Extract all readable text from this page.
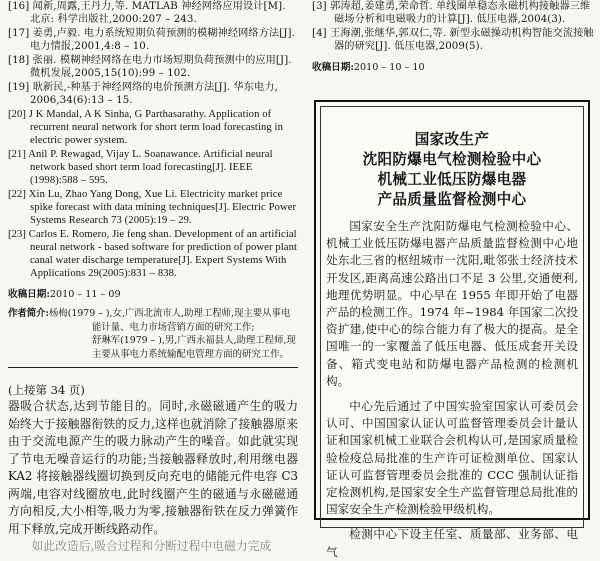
[16] 闻新,周露,王丹力,等. MATLAB 神经网络应用设计[M]. 北京: 科学出版社,2000:207 – 243.

[17] 姜勇,卢毅. 电力系统短期负荷预测的模糊神经网络方法[J]. 电力情报,2001,4:8 – 10.

[18] 张丽. 模糊神经网络在电力市场短期负荷预测中的应用[J]. 微机发展,2005,15(10):99 – 102.

[19] 耿新民,-种基于神经网络的电价预测方法[J]. 华东电力, 2006,34(6):13 – 15.

[20] J K Mandal, A K Sinha, G Parthasarathy. Application of recurrent neural network for short term load forecasting in electric power system.

[21] Anil P. Rewagad, Vijay L. Soanawance. Artificial neural network based short term load forecasting[J]. IEEE (1998):588 – 595.

[22] Xin Lu, Zhao Yang Dong, Xue Li. Electricity market price spike forecast with data mining techniques[J]. Electric Power Systems Research 73 (2005):19 – 29.

[23] Carlos E. Romero, Jie feng shan. Development of an artificial neural network - based software for prediction of power plant canal water discharge temperature[J]. Expert Systems With Applications 29(2005):831 – 838.

收稿日期:2010 – 11 – 09
作者简介:杨梅(1979 – ),女,广西北流市人,助理工程师,现主要从事电能计量、电力市场营销方面的研究工作;
舒琳军(1979 – ),男,广西永福县人,助理工程师,现主要从事电力系统输配电管理方面的研究工作。
(上接第 34 页)

器吸合状态,达到节能目的。同时,永磁磁通产生的吸力始终大于接触器衔铁的反力,这样也就消除了接触器原来由于交流电源产生的吸力脉动产生的噪音。如此就实现了节电无噪音运行的功能;当接触器释放时,利用继电器 KA2 将接触器线圈切换到反向充电的储能元件电容 C3 两端,电容对线圈放电,此时线圈产生的磁通与永磁磁通方向相反,大小相等,吸力为零,接触器衔铁在反力弹簧作用下释放,完成开断线路动作。

如此改造后,吸合过程和分断过程中电磁力完成

[3] 郭涛超,姜建勇,荣命哲. 单线圈单稳态永磁机构接触器三维磁场分析和电磁吸力的计算[J]. 低压电器,2004(3).

[4] 王海潮,张继华,郭双仁,等. 新型永磁操动机构智能交流接触器的研究[J]. 低压电器,2009(5).

收稿日期:2010 – 10 – 10
国家改生产
沈阳防爆电气检测检验中心
机械工业低压防爆电器
产品质量监督检测中心

国家安全生产沈阳防爆电气检测检验中心、机械工业低压防爆电器产品质量监督检测中心地处东北三省的枢纽城市一沈阳,毗邻张士经济技术开发区,距离高速公路出口不足 3 公里,交通便利,地理优势明显。中心早在 1955 年即开始了电器产品的检测工作。1974 年~1984 年国家二次投资扩建,使中心的综合能力有了极大的提高。是全国唯一的一家覆盖了低压电器、低压成套开关设备、箱式变电站和防爆电器产品检测的检测机构。

中心先后通过了中国实验室国家认可委员会认可、中国国家认证认可监督管理委员会计量认证和国家机械工业联合会机构认可,是国家质量检验检疫总局批准的生产许可证检测单位、国家认证认可监督管理委员会批准的 CCC 强制认证指定检测机构,是国家安全生产监督管理总局批准的国家安全生产检测检验甲级机构。

检测中心下设主任室、质量部、业务部、电气
